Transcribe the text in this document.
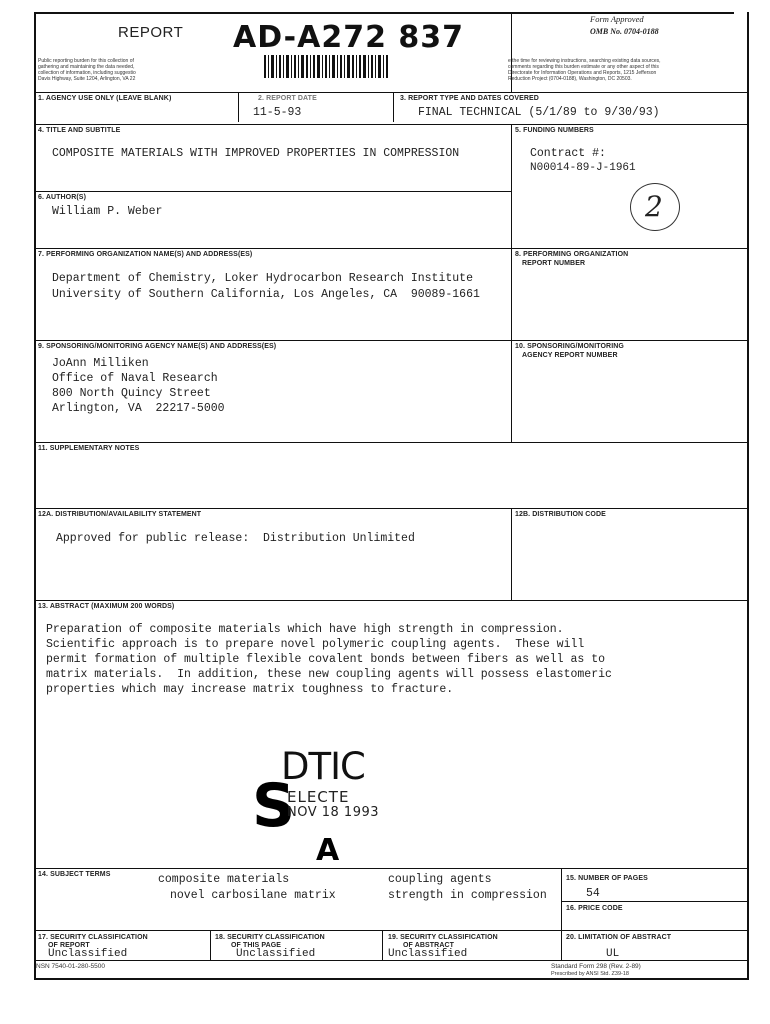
REPORT AD-A272 837
Form Approved
OMB No. 0704-0188
Public reporting burden for this collection of
gathering and maintaining the data needed,
collection of information, including suggestio
Davis Highway, Suite 1204, Arlington, VA 22
e the time for reviewing instructions, searching existing data sources,
comments regarding this burden estimate or any other aspect of this
Directorate for Information Operations and Reports, 1215 Jefferson
Reduction Project (0704-0188), Washington, DC 20503.
1. AGENCY USE ONLY (LEAVE BLANK)	2. REPORT DATE
11-5-93
3. REPORT TYPE AND DATES COVERED
FINAL TECHNICAL (5/1/89 to 9/30/93)
4. TITLE AND SUBTITLE
COMPOSITE MATERIALS WITH IMPROVED PROPERTIES IN COMPRESSION
5. FUNDING NUMBERS
Contract #:
N00014-89-J-1961
2
6. AUTHOR(S)
William P. Weber
7. PERFORMING ORGANIZATION NAME(S) AND ADDRESS(ES)
Department of Chemistry, Loker Hydrocarbon Research Institute
University of Southern California, Los Angeles, CA  90089-1661
8. PERFORMING ORGANIZATION
REPORT NUMBER
9. SPONSORING/MONITORING AGENCY NAME(S) AND ADDRESS(ES)
JoAnn Milliken
Office of Naval Research
800 North Quincy Street
Arlington, VA  22217-5000
10. SPONSORING/MONITORING
AGENCY REPORT NUMBER
11. SUPPLEMENTARY NOTES
12A. DISTRIBUTION/AVAILABILITY STATEMENT
Approved for public release:  Distribution Unlimited
12B. DISTRIBUTION CODE
13. ABSTRACT (MAXIMUM 200 WORDS)
Preparation of composite materials which have high strength in compression.
Scientific approach is to prepare novel polymeric coupling agents.  These will
permit formation of multiple flexible covalent bonds between fibers as well as to
matrix materials.  In addition, these new coupling agents will possess elastomeric
properties which may increase matrix toughness to fracture.
DTIC
S
ELECTE
NOV 18 1993
A
14. SUBJECT TERMS	composite materials	coupling agents
novel carbosilane matrix	strength in compression
15. NUMBER OF PAGES
54
16. PRICE CODE
17. SECURITY CLASSIFICATION
OF REPORT
Unclassified
18. SECURITY CLASSIFICATION
OF THIS PAGE
Unclassified
19. SECURITY CLASSIFICATION
OF ABSTRACT
Unclassified
20. LIMITATION OF ABSTRACT
UL
NSN 7540-01-280-5500	Standard Form 298 (Rev. 2-89)
Prescribed by ANSI Std. Z39-18
